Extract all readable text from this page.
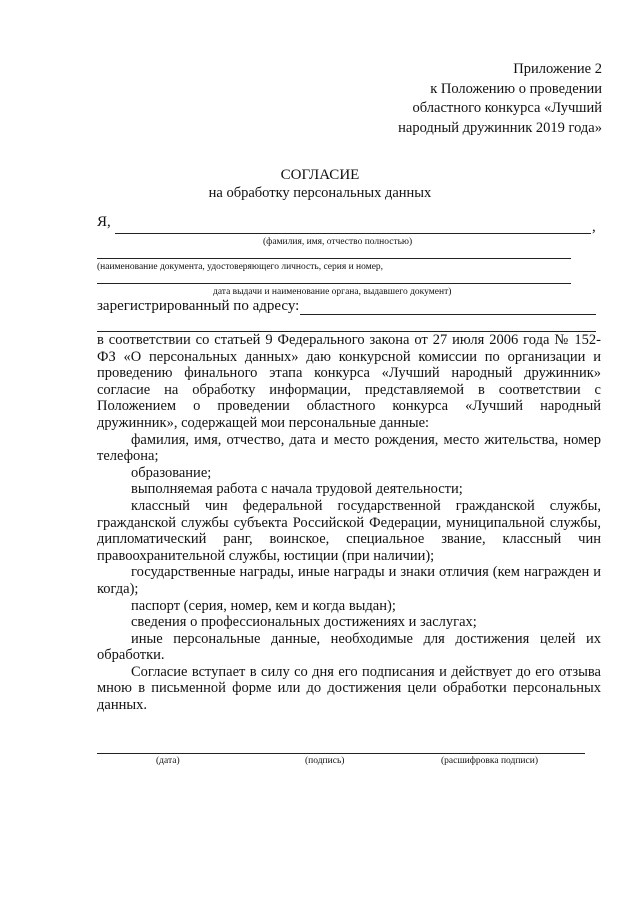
Приложение 2
к Положению о проведении
областного конкурса «Лучший
народный дружинник 2019 года»
СОГЛАСИЕ
на обработку персональных данных
Я,	,
(фамилия, имя, отчество полностью)
(наименование документа, удостоверяющего личность, серия и номер,
дата выдачи и наименование органа, выдавшего документ)
зарегистрированный по адресу:

в соответствии со статьей 9 Федерального закона от 27 июля 2006 года № 152-ФЗ «О персональных данных» даю конкурсной комиссии по организации и проведению финального этапа конкурса «Лучший народный дружинник» согласие на обработку информации, представляемой в соответствии с Положением о проведении областного конкурса «Лучший народный дружинник», содержащей мои персональные данные:

фамилия, имя, отчество, дата и место рождения, место жительства, номер телефона;

образование;

выполняемая работа с начала трудовой деятельности;

классный чин федеральной государственной гражданской службы, гражданской службы субъекта Российской Федерации, муниципальной службы, дипломатический ранг, воинское, специальное звание, классный чин правоохранительной службы, юстиции (при наличии);

государственные награды, иные награды и знаки отличия (кем награжден и когда);

паспорт (серия, номер, кем и когда выдан);

сведения о профессиональных достижениях и заслугах;

иные персональные данные, необходимые для достижения целей их обработки.

Согласие вступает в силу со дня его подписания и действует до его отзыва мною в письменной форме или до достижения цели обработки персональных данных.

(дата)	(подпись)	(расшифровка подписи)
